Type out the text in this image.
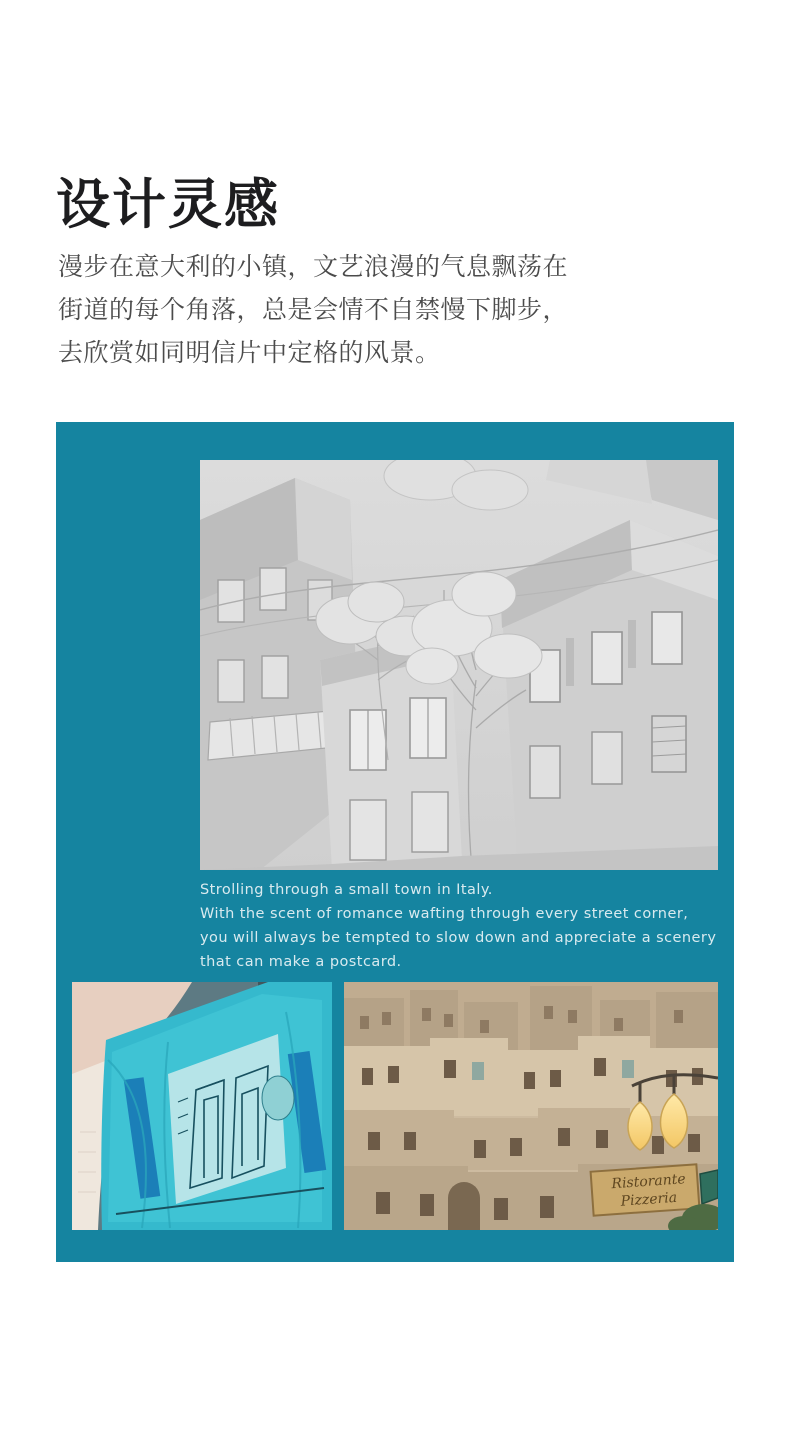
设计灵感

漫步在意大利的小镇，文艺浪漫的气息飘荡在

街道的每个角落，总是会情不自禁慢下脚步，

去欣赏如同明信片中定格的风景。

Strolling through a small town in Italy.

With the scent of romance wafting through every street corner,

you will always be tempted to slow down and appreciate a scenery

that can make a postcard.

Ristorante
Pizzeria
